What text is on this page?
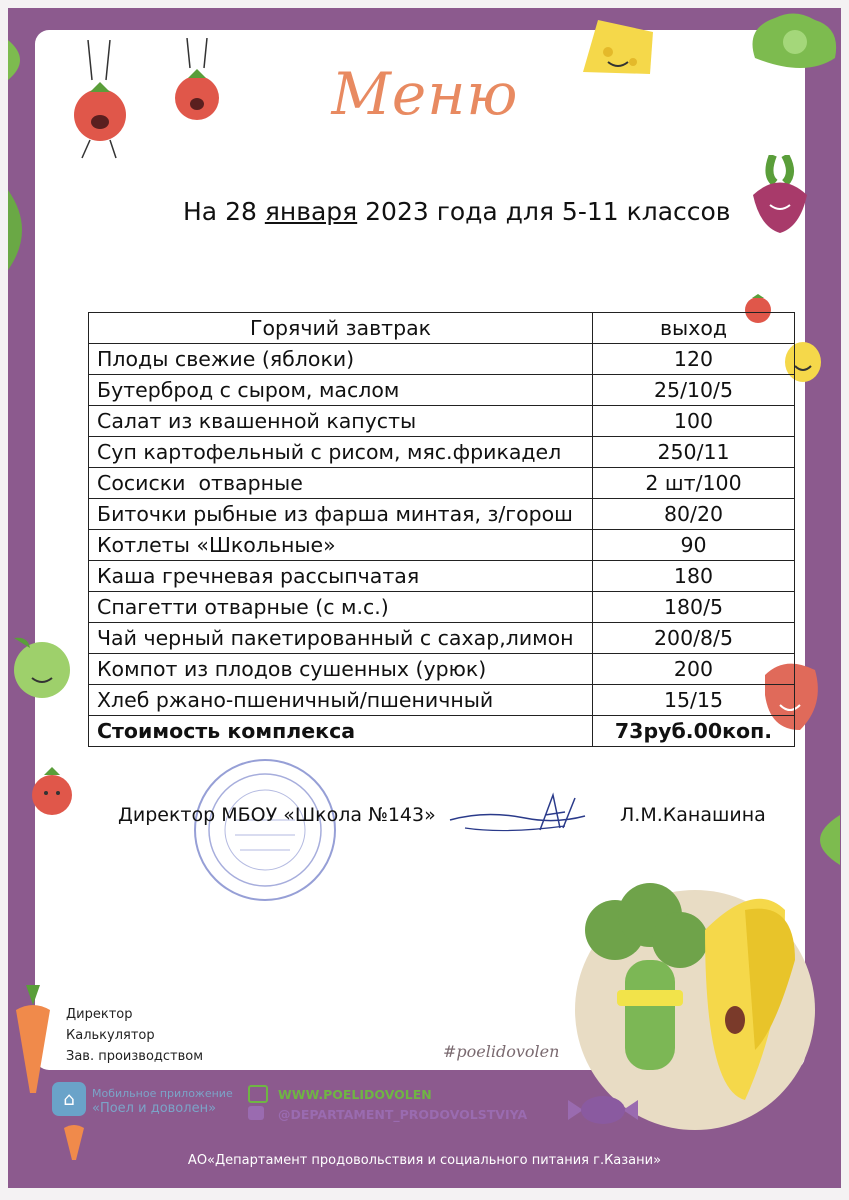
Меню
На 28 января 2023 года для 5-11 классов
Горячий завтрак	выход
Плоды свежие (яблоки)	120
Бутерброд с сыром, маслом	25/10/5
Салат из квашенной капусты	100
Суп картофельный с рисом, мяс.фрикадел	250/11
Сосиски  отварные	2 шт/100
Биточки рыбные из фарша минтая, з/горош	80/20
Котлеты «Школьные»	90
Каша гречневая рассыпчатая	180
Спагетти отварные (с м.с.)	180/5
Чай черный пакетированный с сахар,лимон	200/8/5
Компот из плодов сушенных (урюк)	200
Хлеб ржано-пшеничный/пшеничный	15/15
Стоимость комплекса	73руб.00коп.
Директор МБОУ «Школа №143»	Л.М.Канашина
Директор
Калькулятор
Зав. производством	#poelidovolen
⌂	Мобильное приложение
«Поел и доволен»
WWW.POELIDOVOLEN
@DEPARTAMENT_PRODOVOLSTVIYA
АО«Департамент продовольствия и социального питания г.Казани»
